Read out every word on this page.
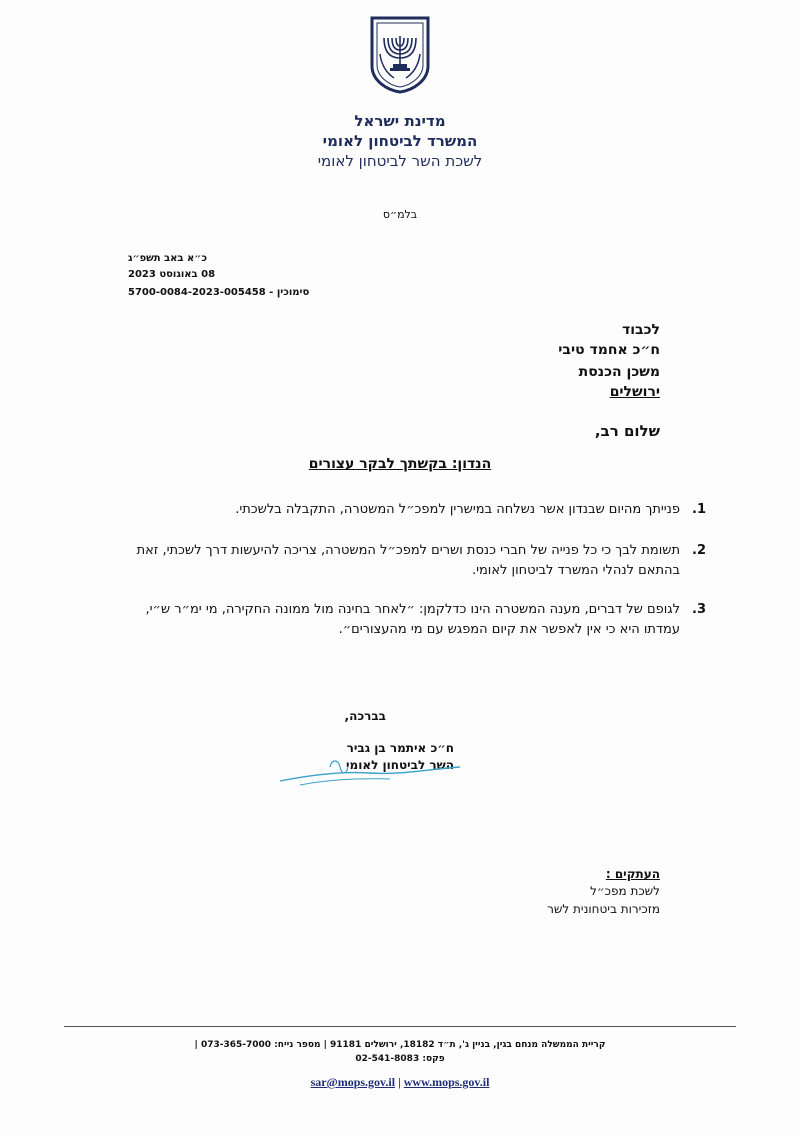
מדינת ישראל
המשרד לביטחון לאומי
לשכת השר לביטחון לאומי
בלמ״ס
כ״א באב תשפ״ג
08 באוגוסט 2023
סימוכין - 5700-0084-2023-005458
לכבוד
ח״כ אחמד טיבי
משכן הכנסת
ירושלים
שלום רב,
הנדון: בקשתך לבקר עצורים
1.
פנייתך מהיום שבנדון אשר נשלחה במישרין למפכ״ל המשטרה, התקבלה בלשכתי.
2.
תשומת לבך כי כל פנייה של חברי כנסת ושרים למפכ״ל המשטרה, צריכה להיעשות דרך לשכתי, זאת בהתאם לנהלי המשרד לביטחון לאומי.
3.
לגופם של דברים, מענה המשטרה הינו כדלקמן: ״לאחר בחינה מול ממונה החקירה, מי ימ״ר ש״י, עמדתו היא כי אין לאפשר את קיום המפגש עם מי מהעצורים״.
בברכה,
ח״כ איתמר בן גביר
השר לביטחון לאומי
העתקים :
לשכת מפכ״ל
מזכירות ביטחונית לשר
קריית הממשלה מנחם בגין, בניין ג', ת״ד 18182, ירושלים 91181 | מספר נייח: 073-365-7000 |
פקס: 02-541-8083
sar@mops.gov.il | www.mops.gov.il
